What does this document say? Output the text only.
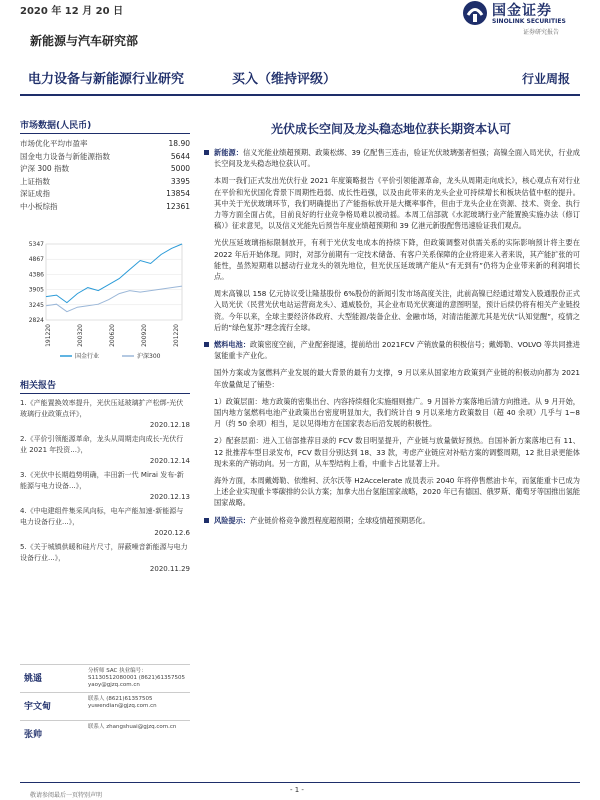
2020 年 12 月 20 日
新能源与汽车研究部
国金证券
SINOLINK SECURITIES
证券研究报告
电力设备与新能源行业研究	买入（维持评级）	行业周报
市场数据(人民币)
市场优化平均市盈率	18.90
国金电力设备与新能源指数	5644
沪深 300 指数	5000
上证指数	3395
深证成指	13854
中小板综指	12361
5347
4867
4386
3905
3245
2824
191220	200320	200620	200920	201220
国金行业	沪深300
相关报告
1.《产能置换效率提升，光伏压延玻璃扩产松绑-光伏玻璃行业政策点评》，
2020.12.18
2.《平价引领能源革命，龙头从周期走向成长-光伏行业 2021 年投资...》，
2020.12.14
3.《光伏中长期趋势明确，丰田新一代 Mirai 发布-新能源与电力设备...》，
2020.12.13
4.《中电建组件集采风向标，电车产能加速-新能源与电力设备行业...》，
2020.12.6
5.《关于城镇供暖和硅片尺寸，屏蔽噪音新能源与电力设备行业...》，
2020.11.29
姚遥
分析师 SAC 执业编号：S1130512080001 (8621)61357505 yaoy@gjzq.com.cn
宇文甸
联系人 (8621)61357505 yuwendian@gjzq.com.cn
张帅
联系人 zhangshuai@gjzq.com.cn
光伏成长空间及龙头稳态地位获长期资本认可
新能源：信义光能业绩超预期、政策松绑、39 亿配售三连击，验证光伏玻璃强者恒强；高镍全面入局光伏，行业成长空间及龙头稳态地位获认可。
本周一我们正式发出光伏行业 2021 年度策略报告《平价引领能源革命，龙头从周期走向成长》，核心观点有对行业在平价和光伏国化背景下周期性趋弱、成长性趋强，以及由此带来的龙头企业可持续增长和板块估值中枢的提升。其中关于光伏玻璃环节，我们明确提出了产能指标放开是大概率事件，但由于龙头企业在资源、技术、资金、执行力等方面全面占优，目前良好的行业竞争格局难以被动摇。本周工信部就《水泥玻璃行业产能置换实施办法（修订稿）》征求意见，以及信义光能先后预告年度业绩超预期和 39 亿港元新股配售迅速验证我们观点。
光伏压延玻璃指标限制放开，有利于光伏发电成本的持续下降，但政策调整对供需关系的实际影响预计将主要在 2022 年后开始体现。同时，对部分前期有一定技术储备、有客户关系保障的企业将迎来入者来说，其产能扩张的可能性，虽然短期难以撼动行业龙头的领先地位，但光伏压延玻璃产能从“有无到有”仍将为企业带来新的利润增长点。
周末高镍以 158 亿元协议受让隆基股份 6%股份的新闻引发市场高度关注，此前高镍已经通过增发入股通股份正式入局光伏（民营光伏电站运营商龙头）、通威股份，其企业布局光伏赛道的意图明显，预计后续仍将有相关产业链投资。今年以来，全球主要经济体政府、大型能源/装备企业、金融市场，对清洁能源尤其是光伏“认知觉醒”，疫情之后的“绿色复苏”理念流行全球。
燃料电池：政策密度空前，产业配套提速，提前给出 2021FCV 产销放量的积极信号；戴姆勒、VOLVO 等共同推进氢能重卡产业化。
国外方案或为氢燃料产业发展的最大背景的最有力支撑，9 月以来从国家地方政策到产业链的积极动向都为 2021 年放量做足了铺垫：
1）政策层面：地方政策的密集出台、内容持续细化实施细则推广。9 月国补方案落地后清方向推进。从 9 月开始，国内地方氢燃料电池产业政策出台密度明显加大，我们统计自 9 月以来地方政策数目（超 40 余项）几乎与 1~8 月（约 50 余项）相当，足以见得地方在国家表态后沿发展的积极性。
2）配套层面：进入工信部推荐目录的 FCV 数目明显提升，产业链与放量做好预热。自国补新方案落地已有 11、12 批推荐车型目录发布，FCV 数目分别达到 18、33 款，考虑产业链应对补贴方案的调整周期，12 批目录更能体现未来的产销动向。另一方面，从车型结构上看，中重卡占比显著上升。
海外方面，本周戴姆勒、依维柯、沃尔沃等 H2Accelerate 成员表示 2040 年将停售燃油卡车，而氢能重卡已成为上述企业实现重卡零碳排的公认方案；加拿大出台氢能国家战略，2020 年已有德国、俄罗斯、葡萄牙等国推出氢能国家战略。
风险提示：产业链价格竞争激烈程度超预期；全球疫情超预期恶化。
- 1 -
敬请参阅最后一页特别声明
